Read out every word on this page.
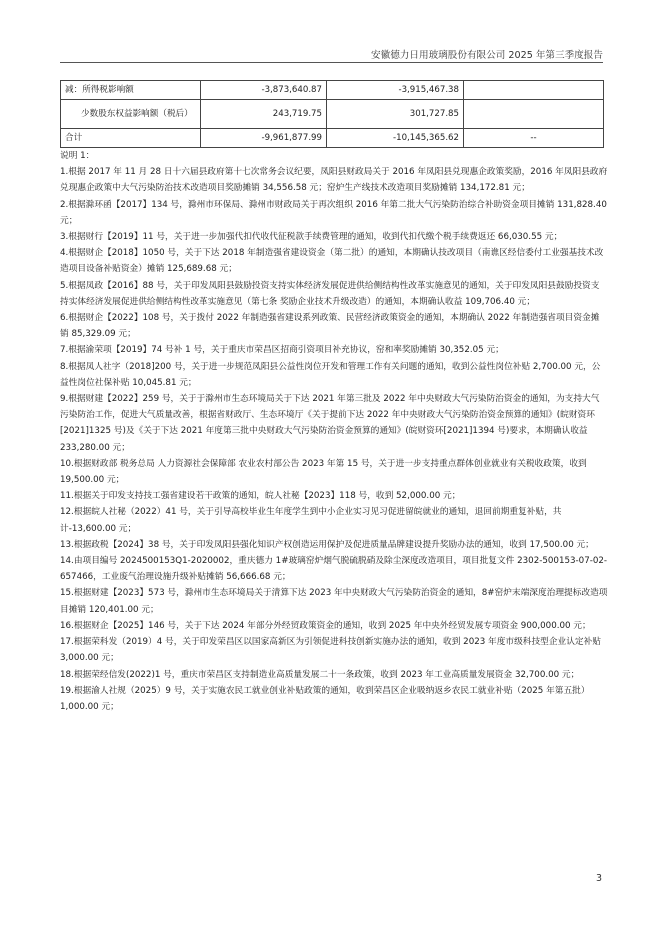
安徽德力日用玻璃股份有限公司 2025 年第三季度报告
减：所得税影响额	-3,873,640.87	-3,915,467.38	
少数股东权益影响额（税后）	243,719.75	301,727.85	
合计	-9,961,877.99	-10,145,365.62	--

说明 1：

1.根据 2017 年 11 月 28 日十六届县政府第十七次常务会议纪要，凤阳县财政局关于 2016 年凤阳县兑现惠企政策奖励，2016 年凤阳县政府兑现惠企政策中大气污染防治技术改造项目奖励摊销 34,556.58 元；窑炉生产线技术改造项目奖励摊销 134,172.81 元；

2.根据滁环函【2017】134 号，滁州市环保局、滁州市财政局关于再次组织 2016 年第二批大气污染防治综合补助资金项目摊销 131,828.40 元；

3.根据财行【2019】11 号，关于进一步加强代扣代收代征税款手续费管理的通知，收到代扣代缴个税手续费返还 66,030.55 元；

4.根据财企【2018】1050 号，关于下达 2018 年制造强省建设资金（第二批）的通知，本期确认技改项目（南谯区经信委付工业强基技术改造项目设备补贴资金）摊销 125,689.68 元；

5.根据凤政【2016】88 号，关于印发凤阳县鼓励投资支持实体经济发展促进供给侧结构性改革实施意见的通知，关于印发凤阳县鼓励投资支持实体经济发展促进供给侧结构性改革实施意见（第七条 奖励企业技术升级改造）的通知，本期确认收益 109,706.40 元；

6.根据财企【2022】108 号，关于拨付 2022 年制造强省建设系列政策、民营经济政策资金的通知，本期确认 2022 年制造强省项目资金摊销 85,329.09 元；

7.根据渝荣项【2019】74 号补 1 号，关于重庆市荣昌区招商引资项目补充协议，窑和率奖励摊销 30,352.05 元；

8.根据凤人社字（2018]200 号，关于进一步规范凤阳县公益性岗位开发和管理工作有关问题的通知，收到公益性岗位补贴 2,700.00 元，公益性岗位社保补贴 10,045.81 元；

9.根据财建【2022】259 号，关于于滁州市生态环境局关于下达 2021 年第三批及 2022 年中央财政大气污染防治资金的通知，为支持大气污染防治工作，促进大气质量改善，根据省财政厅、生态环境厅《关于提前下达 2022 年中央财政大气污染防治资金预算的通知》(皖财资环[2021]1325 号)及《关于下达 2021 年度第三批中央财政大气污染防治资金预算的通知》(皖财资环[2021]1394 号)要求，本期确认收益 233,280.00 元；

10.根据财政部 税务总局 人力资源社会保障部 农业农村部公告 2023 年第 15 号，关于进一步支持重点群体创业就业有关税收政策，收到 19,500.00 元；

11.根据关于印发支持技工强省建设若干政策的通知，皖人社秘【2023】118 号，收到 52,000.00 元；

12.根据皖人社秘（2022）41 号，关于引导高校毕业生年度学生到中小企业实习见习促进留皖就业的通知，退回前期重复补贴，共计-13,600.00 元；

13.根据政税【2024】38 号，关于印发凤阳县强化知识产权创造运用保护及促进质量品牌建设提升奖励办法的通知，收到 17,500.00 元；

14.由项目编号 2024500153Q1-2020002，重庆德力 1#玻璃窑炉烟气脱硫脱硝及除尘深度改造项目，项目批复文件 2302-500153-07-02-657466，工业废气治理设施升级补贴摊销 56,666.68 元；

15.根据财建【2023】573 号，滁州市生态环境局关于清算下达 2023 年中央财政大气污染防治资金的通知，8#窑炉末端深度治理提标改造项目摊销 120,401.00 元；

16.根据财企【2025】146 号，关于下达 2024 年部分外经贸政策资金的通知，收到 2025 年中央外经贸发展专项资金 900,000.00 元；

17.根据荣科发（2019）4 号，关于印发荣昌区以国家高新区为引领促进科技创新实施办法的通知，收到 2023 年度市级科技型企业认定补贴 3,000.00 元；

18.根据荣经信发(2022)1 号，重庆市荣昌区支持制造业高质量发展二十一条政策，收到 2023 年工业高质量发展资金 32,700.00 元；

19.根据渝人社规（2025）9 号，关于实施农民工就业创业补贴政策的通知，收到荣昌区企业吸纳返乡农民工就业补贴（2025 年第五批）1,000.00 元；

3
